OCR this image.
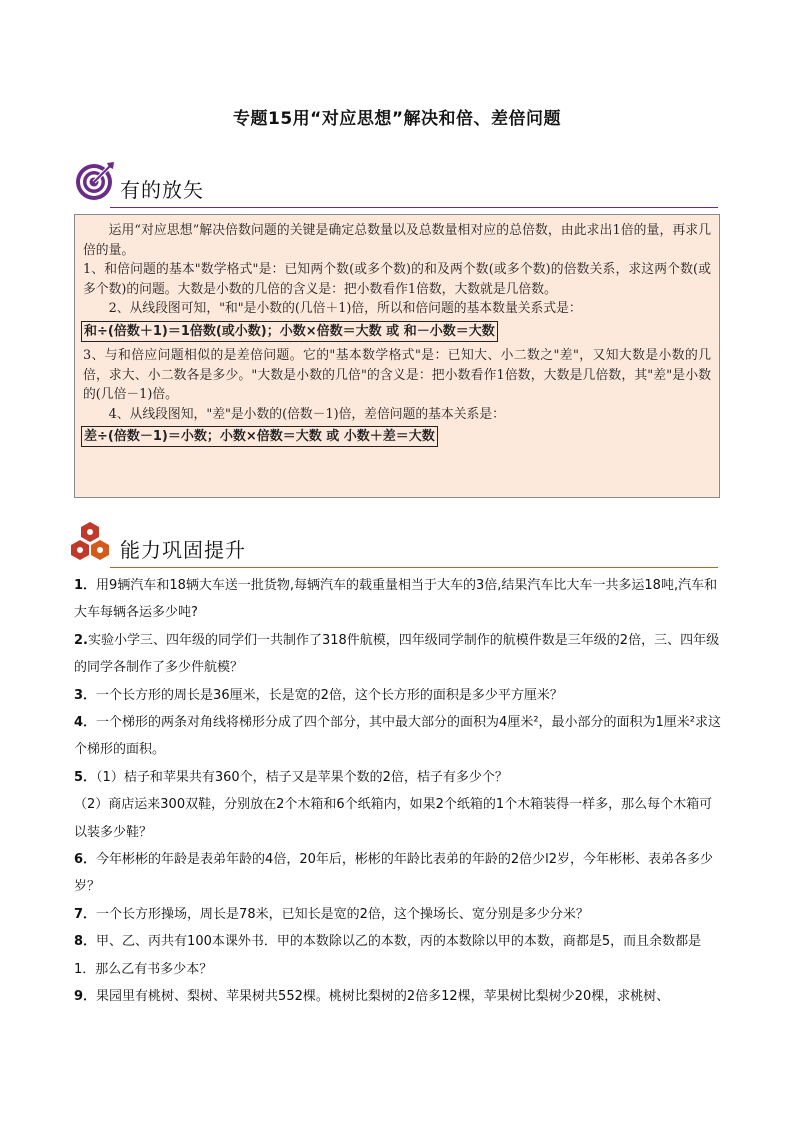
专题15用“对应思想”解决和倍、差倍问题
有的放矢

运用“对应思想”解决倍数问题的关键是确定总数量以及总数量相对应的总倍数，由此求出1倍的量，再求几倍的量。

1、和倍问题的基本"数学格式"是：已知两个数(或多个数)的和及两个数(或多个数)的倍数关系，求这两个数(或多个数)的问题。大数是小数的几倍的含义是：把小数看作1倍数，大数就是几倍数。

2、从线段图可知，"和"是小数的(几倍＋1)倍，所以和倍问题的基本数量关系式是：

和÷(倍数＋1)＝1倍数(或小数)；小数×倍数＝大数 或 和－小数＝大数

3、与和倍应问题相似的是差倍问题。它的"基本数学格式"是：已知大、小二数之"差"，又知大数是小数的几倍，求大、小二数各是多少。"大数是小数的几倍"的含义是：把小数看作1倍数，大数是几倍数，其"差"是小数的(几倍－1)倍。

4、从线段图知，"差"是小数的(倍数－1)倍，差倍问题的基本关系是：

差÷(倍数－1)＝小数；小数×倍数＝大数 或 小数＋差＝大数
能力巩固提升

1．用9辆汽车和18辆大车送一批货物,每辆汽车的载重量相当于大车的3倍,结果汽车比大车一共多运18吨,汽车和大车每辆各运多少吨?

2.实验小学三、四年级的同学们一共制作了318件航模，四年级同学制作的航模件数是三年级的2倍，三、四年级的同学各制作了多少件航模？

3．一个长方形的周长是36厘米，长是宽的2倍，这个长方形的面积是多少平方厘米？

4．一个梯形的两条对角线将梯形分成了四个部分，其中最大部分的面积为4厘米²，最小部分的面积为1厘米²求这个梯形的面积。

5．（1）桔子和苹果共有360个，桔子又是苹果个数的2倍，桔子有多少个？

（2）商店运来300双鞋，分别放在2个木箱和6个纸箱内，如果2个纸箱的1个木箱装得一样多，那么每个木箱可以装多少鞋？

6．今年彬彬的年龄是表弟年龄的4倍，20年后，彬彬的年龄比表弟的年龄的2倍少l2岁，今年彬彬、表弟各多少岁？

7．一个长方形操场，周长是78米，已知长是宽的2倍，这个操场长、宽分别是多少分米？

8．甲、乙、丙共有100本课外书．甲的本数除以乙的本数，丙的本数除以甲的本数，商都是5，而且余数都是1．那么乙有书多少本？

9．果园里有桃树、梨树、苹果树共552棵。桃树比梨树的2倍多12棵，苹果树比梨树少20棵，求桃树、
